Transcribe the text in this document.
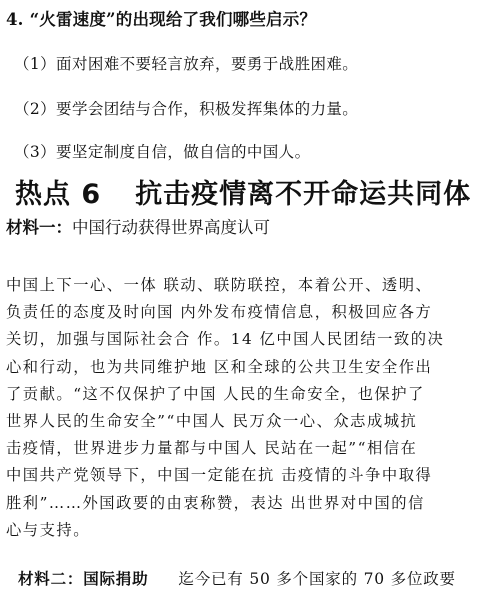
4. “火雷速度”的出现给了我们哪些启示？
（1）面对困难不要轻言放弃，要勇于战胜困难。
（2）要学会团结与合作，积极发挥集体的力量。
（3）要坚定制度自信，做自信的中国人。
热点 6 抗击疫情离不开命运共同体
材料一：中国行动获得世界高度认可
中国上下一心、一体 联动、联防联控，本着公开、透明、
负责任的态度及时向国 内外发布疫情信息，积极回应各方
关切，加强与国际社会合 作。14 亿中国人民团结一致的决
心和行动，也为共同维护地 区和全球的公共卫生安全作出
了贡献。“这不仅保护了中国 人民的生命安全，也保护了
世界人民的生命安全”“中国人 民万众一心、众志成城抗
击疫情，世界进步力量都与中国人 民站在一起”“相信在
中国共产党领导下，中国一定能在抗 击疫情的斗争中取得
胜利”……外国政要的由衷称赞，表达 出世界对中国的信
心与支持。
材料二：国际捐助 迄今已有 50 多个国家的 70 多位政要
